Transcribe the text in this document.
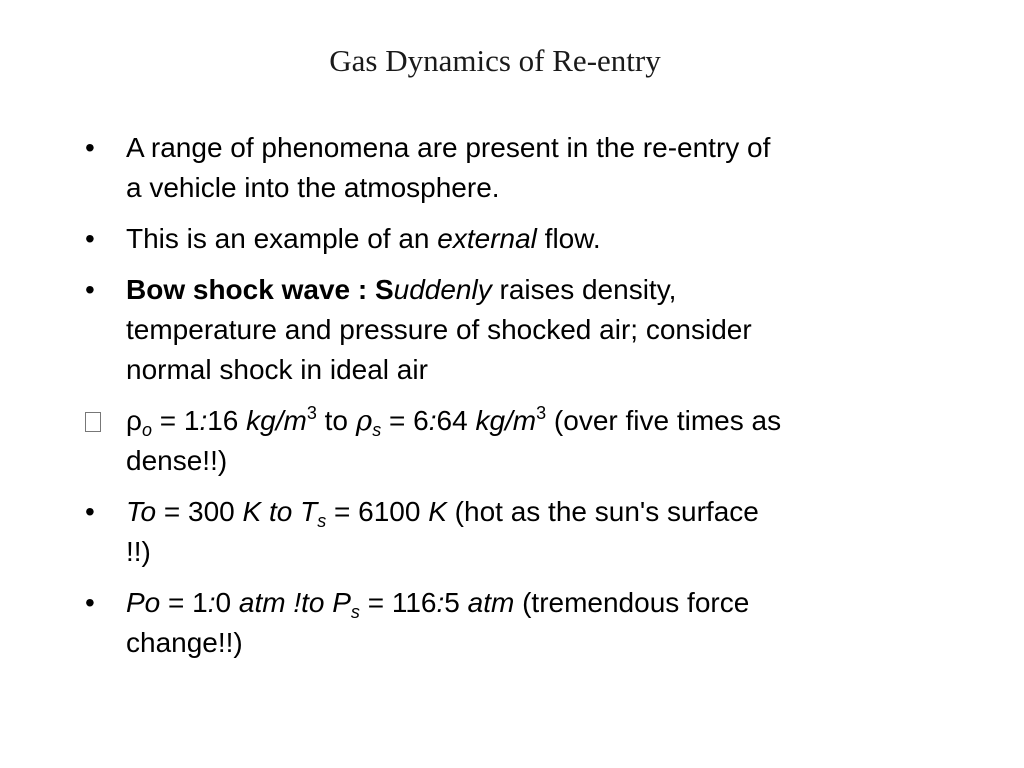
Gas Dynamics of Re-entry
•	A range of phenomena are present in the re-entry of
a vehicle into the atmosphere.
•	This is an example of an external flow.
•	Bow shock wave : Suddenly raises density,
temperature and pressure of shocked air; consider
normal shock in ideal air
$\rho_o$ = 1:16 $kg/m^3$ to $\rho_s$ = 6:64 $kg/m^3$ (over five times as
dense!!)
•	To = 300 K to $T_s = 6100$ K (hot as the sun's surface
!!)
•	Po = 1:0 atm !to $P_s$ = 116:5 atm (tremendous force
change!!)
